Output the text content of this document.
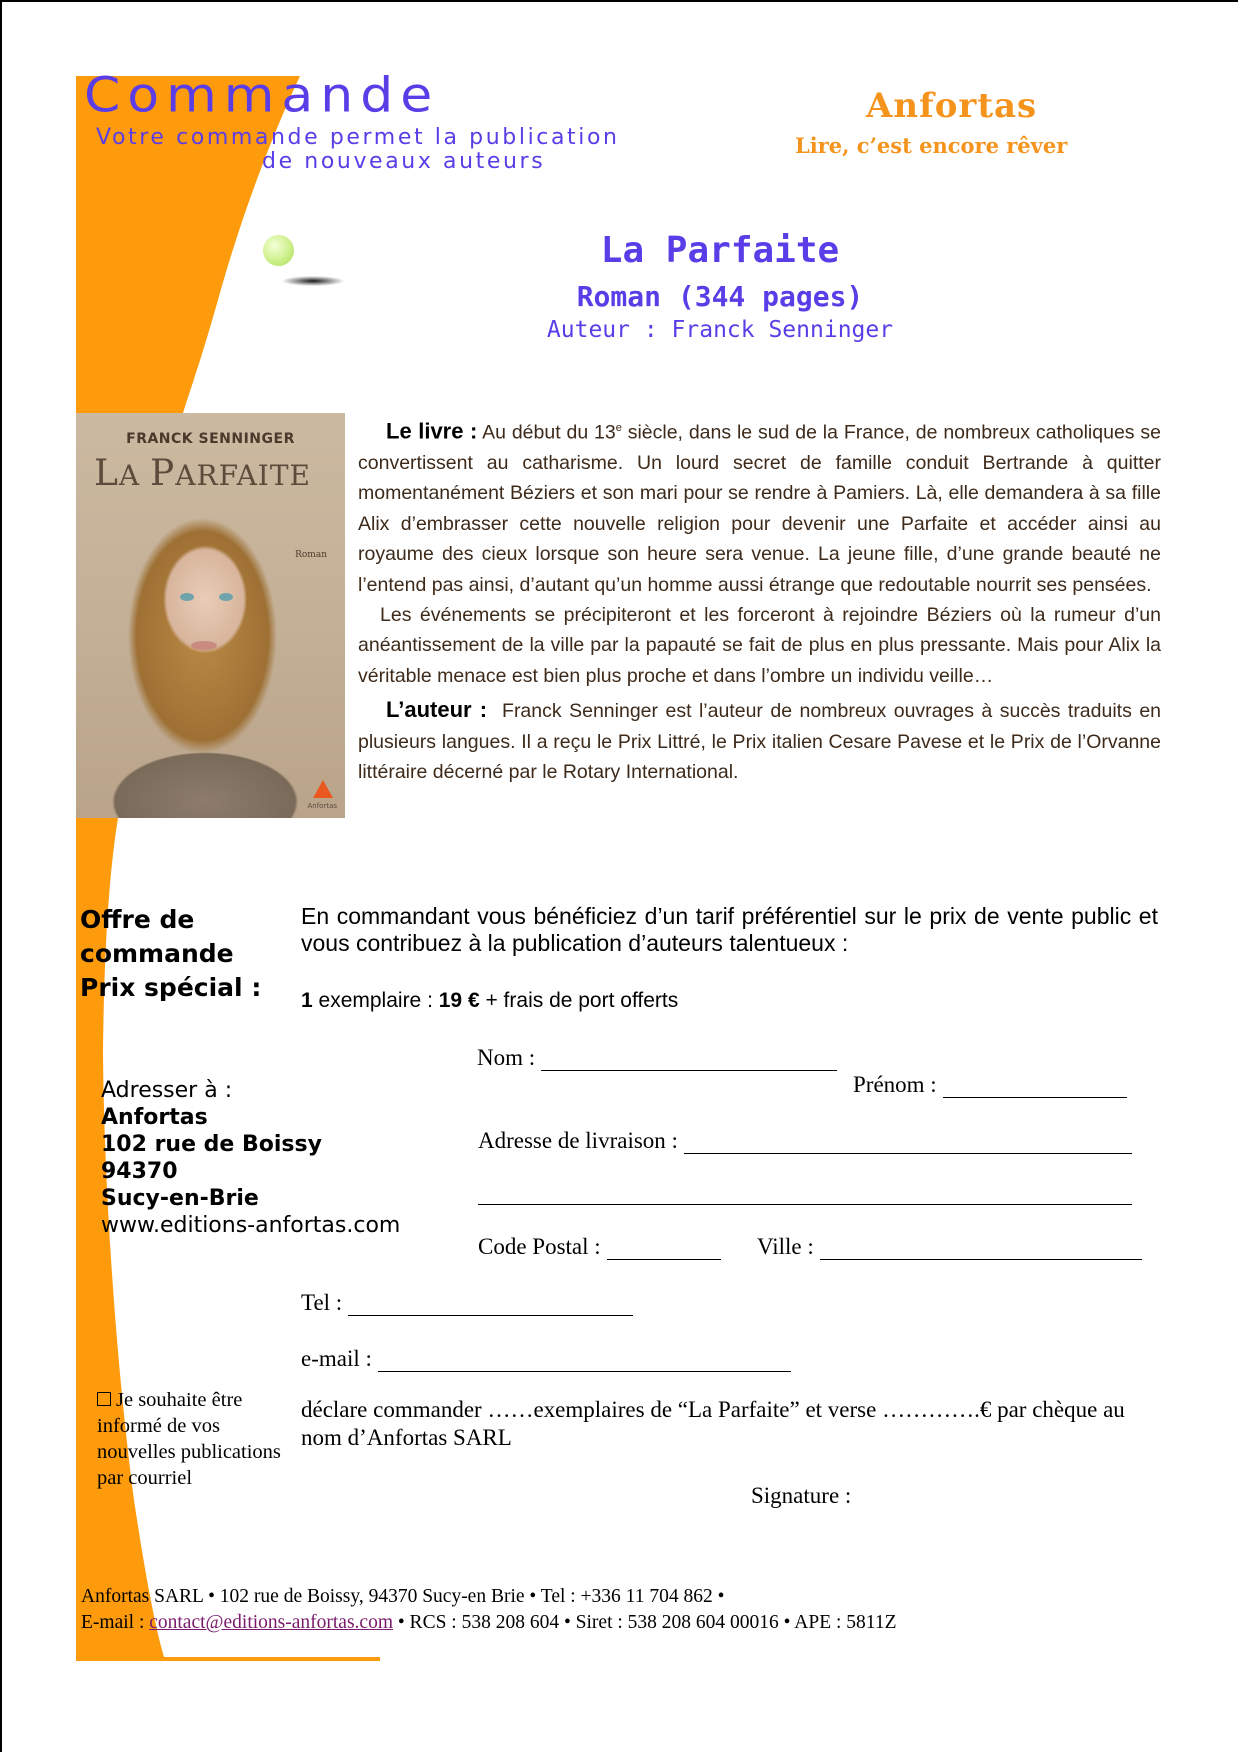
Commande
Votre commande permet la publication
de nouveaux auteurs
Anfortas
Lire, c’est encore rêver
La Parfaite
Roman (344 pages)
Auteur : Franck Senninger
FRANCK SENNINGER
LA PARFAITE
Roman
Anfortas

Le livre : Au début du 13e siècle, dans le sud de la France, de nombreux catholiques se convertissent au catharisme. Un lourd secret de famille conduit Bertrande à quitter momentanément Béziers et son mari pour se rendre à Pamiers. Là, elle demandera à sa fille Alix d’embrasser cette nouvelle religion pour devenir une Parfaite et accéder ainsi au royaume des cieux lorsque son heure sera venue. La jeune fille, d’une grande beauté ne l’entend pas ainsi, d’autant qu’un homme aussi étrange que redoutable nourrit ses pensées.

Les événements se précipiteront et les forceront à rejoindre Béziers où la rumeur d’un anéantissement de la ville par la papauté se fait de plus en plus pressante. Mais pour Alix la véritable menace est bien plus proche et dans l’ombre un individu veille…

L’auteur : Franck Senninger est l’auteur de nombreux ouvrages à succès traduits en plusieurs langues. Il a reçu le Prix Littré, le Prix italien Cesare Pavese et le Prix de l’Orvanne littéraire décerné par le Rotary International.

Offre de
commande
Prix spécial :
En commandant vous bénéficiez d’un tarif préférentiel sur le prix de vente public et vous contribuez à la publication d’auteurs talentueux :
1 exemplaire : 19 € + frais de port offerts
Adresser à :
Anfortas
102 rue de Boissy
94370
Sucy-en-Brie
www.editions-anfortas.com
Nom :
Prénom :
Adresse de livraison :
Code Postal :	Ville :
Tel :
e-mail :
Je souhaite être informé de vos nouvelles publications par courriel
déclare commander ……exemplaires de “La Parfaite” et verse ………….€ par chèque au nom d’Anfortas SARL
Signature :
Anfortas SARL • 102 rue de Boissy, 94370 Sucy-en Brie • Tel : +336 11 704 862 •
E-mail : contact@editions-anfortas.com • RCS : 538 208 604 • Siret : 538 208 604 00016 • APE : 5811Z
